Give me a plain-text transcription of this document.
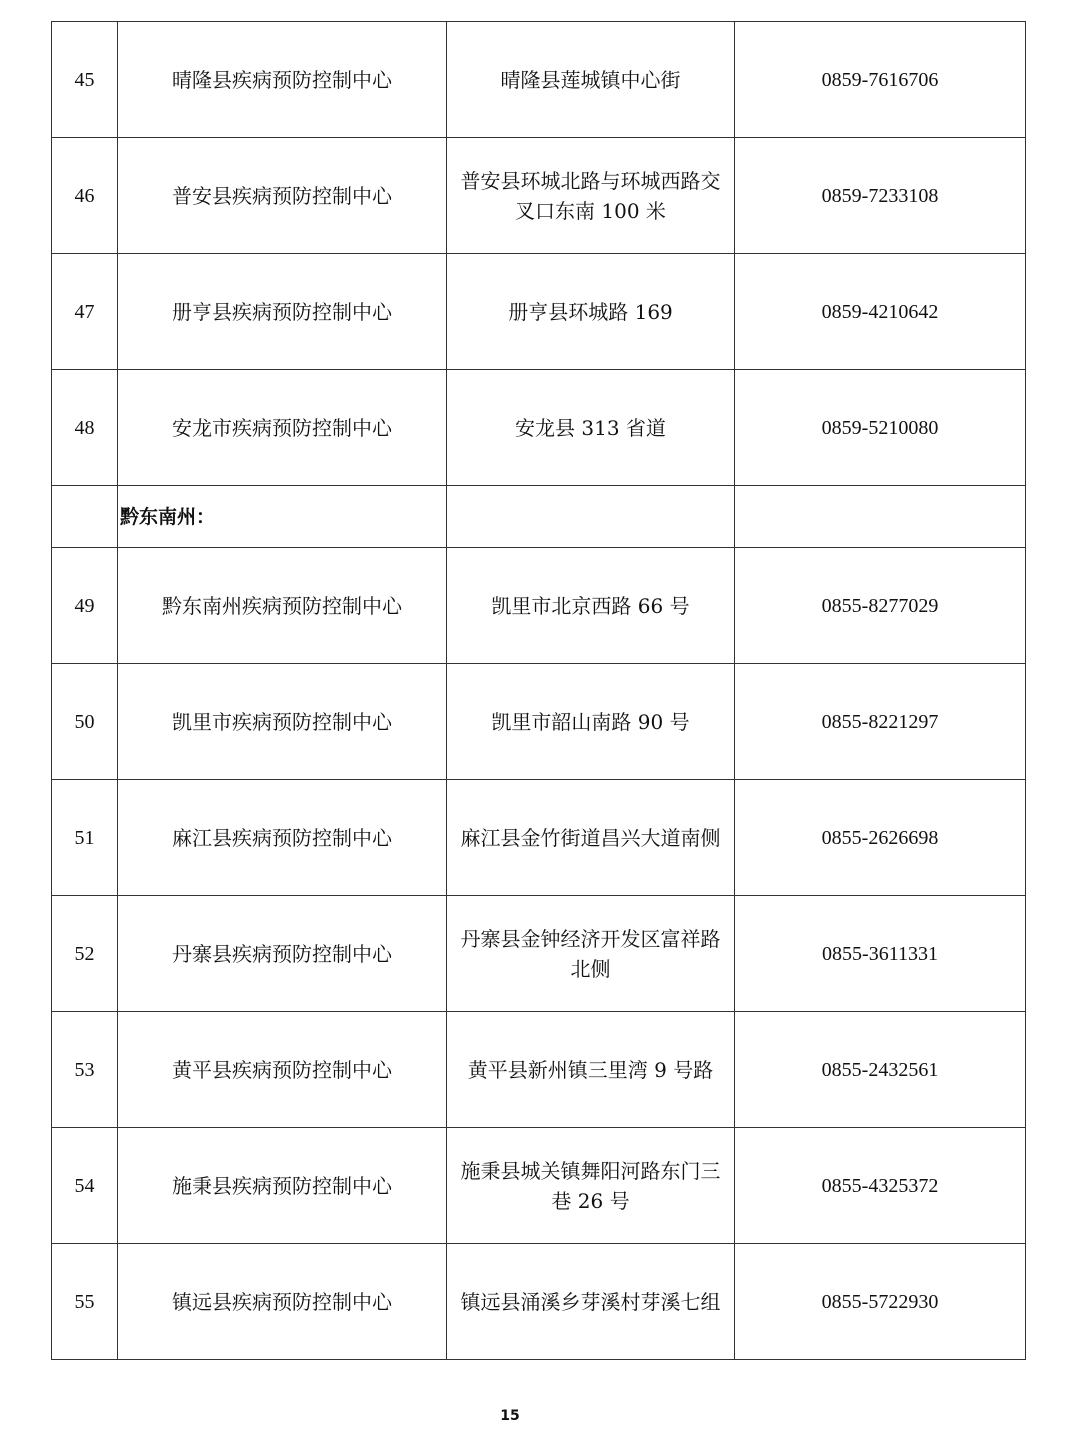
45	晴隆县疾病预防控制中心	晴隆县莲城镇中心街	0859-7616706
46	普安县疾病预防控制中心	普安县环城北路与环城西路交叉口东南 100 米	0859-7233108
47	册亨县疾病预防控制中心	册亨县环城路 169	0859-4210642
48	安龙市疾病预防控制中心	安龙县 313 省道	0859-5210080
	黔东南州：		
49	黔东南州疾病预防控制中心	凯里市北京西路 66 号	0855-8277029
50	凯里市疾病预防控制中心	凯里市韶山南路 90 号	0855-8221297
51	麻江县疾病预防控制中心	麻江县金竹街道昌兴大道南侧	0855-2626698
52	丹寨县疾病预防控制中心	丹寨县金钟经济开发区富祥路北侧	0855-3611331
53	黄平县疾病预防控制中心	黄平县新州镇三里湾 9 号路	0855-2432561
54	施秉县疾病预防控制中心	施秉县城关镇舞阳河路东门三巷 26 号	0855-4325372
55	镇远县疾病预防控制中心	镇远县涌溪乡芽溪村芽溪七组	0855-5722930
15
